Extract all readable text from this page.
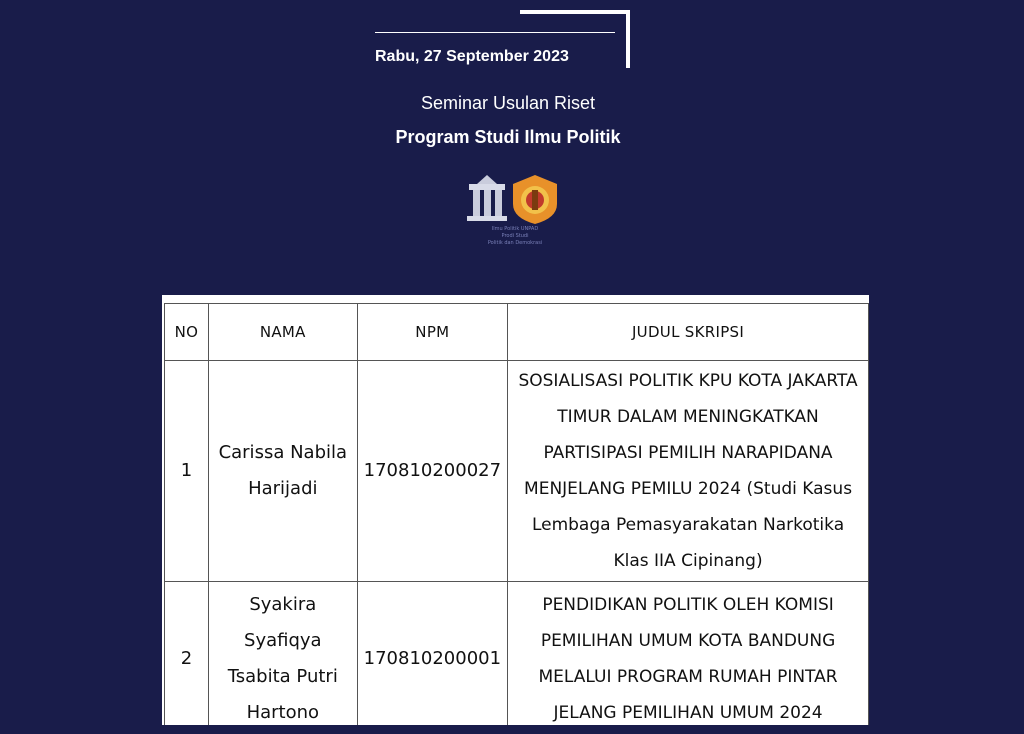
Rabu, 27 September 2023
Seminar Usulan Riset
Program Studi Ilmu Politik
Ilmu Politik UNPAD
Prodi Studi
Politik dan Demokrasi
NO	NAMA	NPM	JUDUL SKRIPSI
1	Carissa Nabila Harijadi	170810200027	SOSIALISASI POLITIK KPU KOTA JAKARTA TIMUR DALAM MENINGKATKAN PARTISIPASI PEMILIH NARAPIDANA MENJELANG PEMILU 2024 (Studi Kasus Lembaga Pemasyarakatan Narkotika Klas IIA Cipinang)
2	Syakira Syafiqya Tsabita Putri Hartono	170810200001	PENDIDIKAN POLITIK OLEH KOMISI PEMILIHAN UMUM KOTA BANDUNG MELALUI PROGRAM RUMAH PINTAR JELANG PEMILIHAN UMUM 2024
